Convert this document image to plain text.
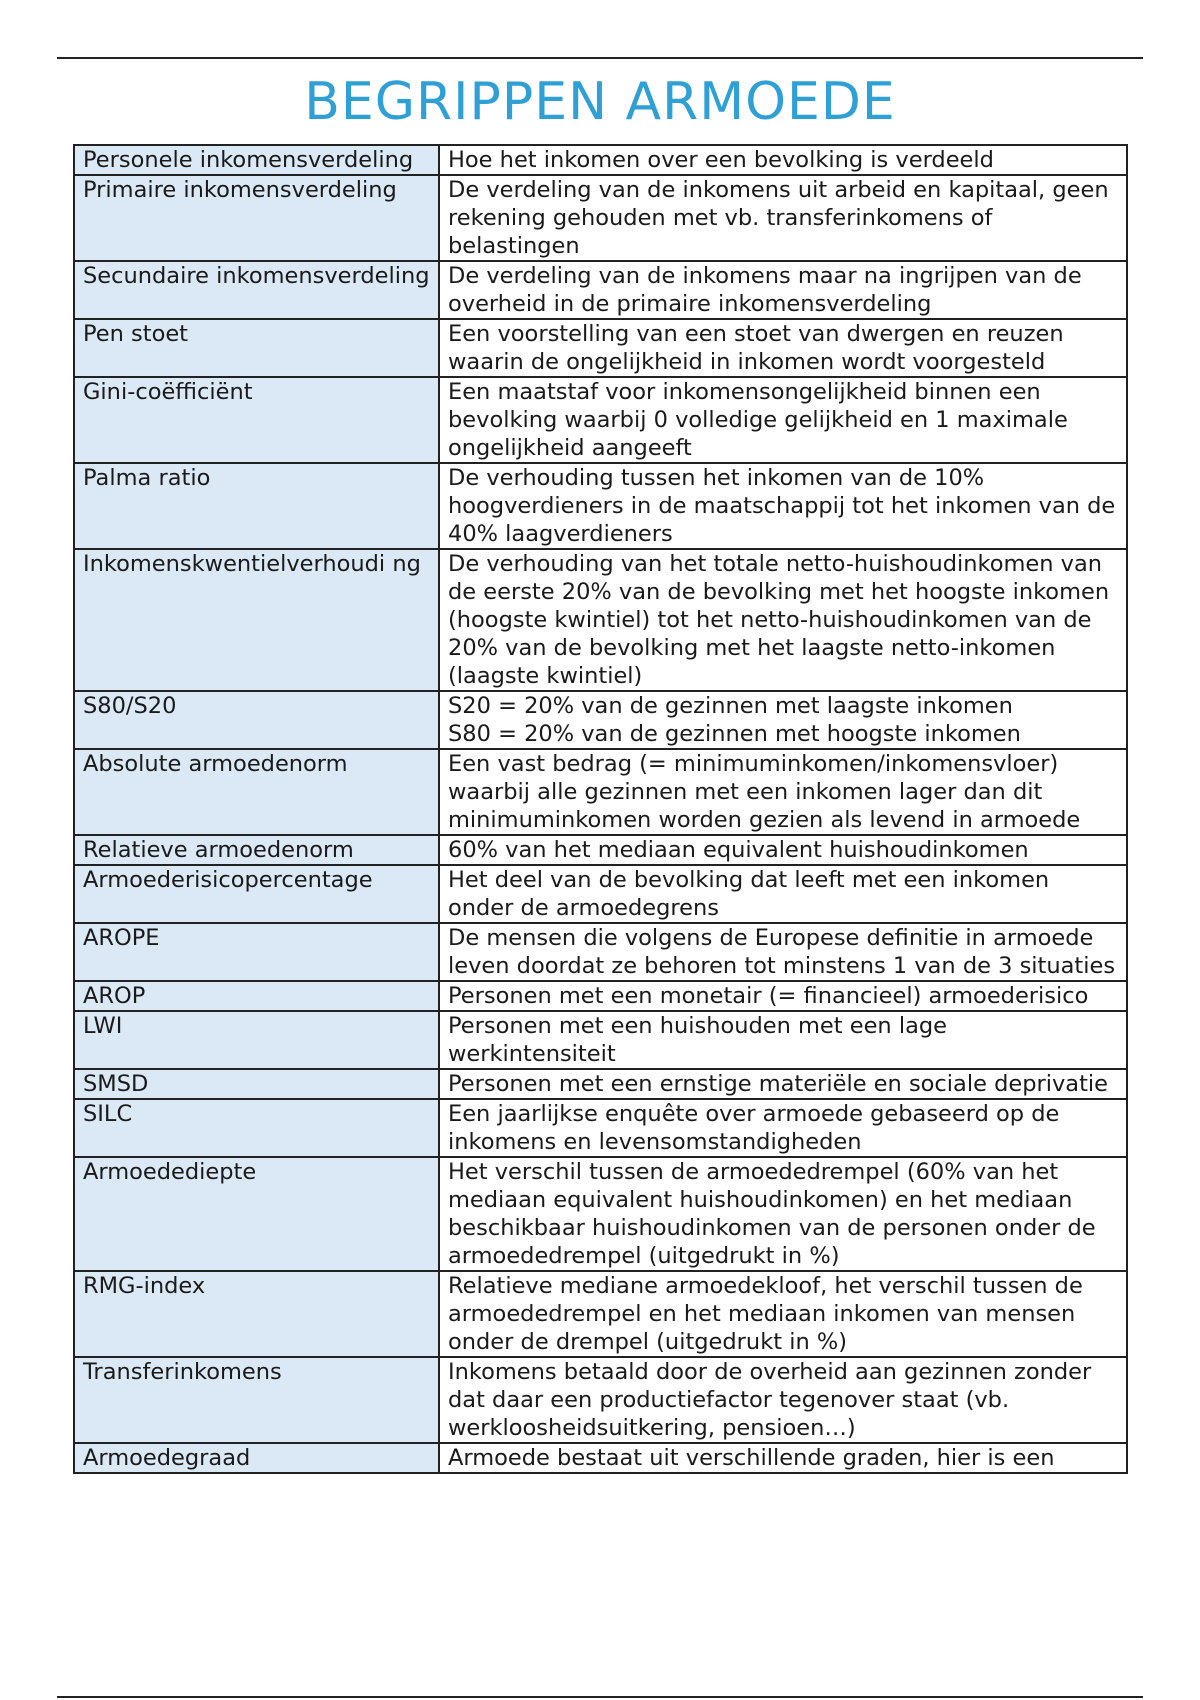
BEGRIPPEN ARMOEDE
Personele inkomensverdeling	Hoe het inkomen over een bevolking is verdeeld
Primaire inkomensverdeling	De verdeling van de inkomens uit arbeid en kapitaal, geen rekening gehouden met vb. transferinkomens of belastingen
Secundaire inkomensverdeling	De verdeling van de inkomens maar na ingrijpen van de overheid in de primaire inkomensverdeling
Pen stoet	Een voorstelling van een stoet van dwergen en reuzen waarin de ongelijkheid in inkomen wordt voorgesteld
Gini-coëfficiënt	Een maatstaf voor inkomensongelijkheid binnen een bevolking waarbij 0 volledige gelijkheid en 1 maximale ongelijkheid aangeeft
Palma ratio	De verhouding tussen het inkomen van de 10% hoogverdieners in de maatschappij tot het inkomen van de 40% laagverdieners
Inkomenskwentielverhoudi ng	De verhouding van het totale netto-huishoudinkomen van de eerste 20% van de bevolking met het hoogste inkomen (hoogste kwintiel) tot het netto-huishoudinkomen van de 20% van de bevolking met het laagste netto-inkomen (laagste kwintiel)
S80/S20	S20 = 20% van de gezinnen met laagste inkomen
S80 = 20% van de gezinnen met hoogste inkomen

Absolute armoedenorm	Een vast bedrag (= minimuminkomen/inkomensvloer) waarbij alle gezinnen met een inkomen lager dan dit minimuminkomen worden gezien als levend in armoede
Relatieve armoedenorm	60% van het mediaan equivalent huishoudinkomen
Armoederisicopercentage	Het deel van de bevolking dat leeft met een inkomen onder de armoedegrens
AROPE	De mensen die volgens de Europese definitie in armoede leven doordat ze behoren tot minstens 1 van de 3 situaties
AROP	Personen met een monetair (= financieel) armoederisico
LWI	Personen met een huishouden met een lage werkintensiteit
SMSD	Personen met een ernstige materiële en sociale deprivatie
SILC	Een jaarlijkse enquête over armoede gebaseerd op de inkomens en levensomstandigheden
Armoedediepte	Het verschil tussen de armoededrempel (60% van het mediaan equivalent huishoudinkomen) en het mediaan beschikbaar huishoudinkomen van de personen onder de armoededrempel (uitgedrukt in %)
RMG-index	Relatieve mediane armoedekloof, het verschil tussen de armoededrempel en het mediaan inkomen van mensen onder de drempel (uitgedrukt in %)
Transferinkomens	Inkomens betaald door de overheid aan gezinnen zonder dat daar een productiefactor tegenover staat (vb. werkloosheidsuitkering, pensioen…)
Armoedegraad	Armoede bestaat uit verschillende graden, hier is een
